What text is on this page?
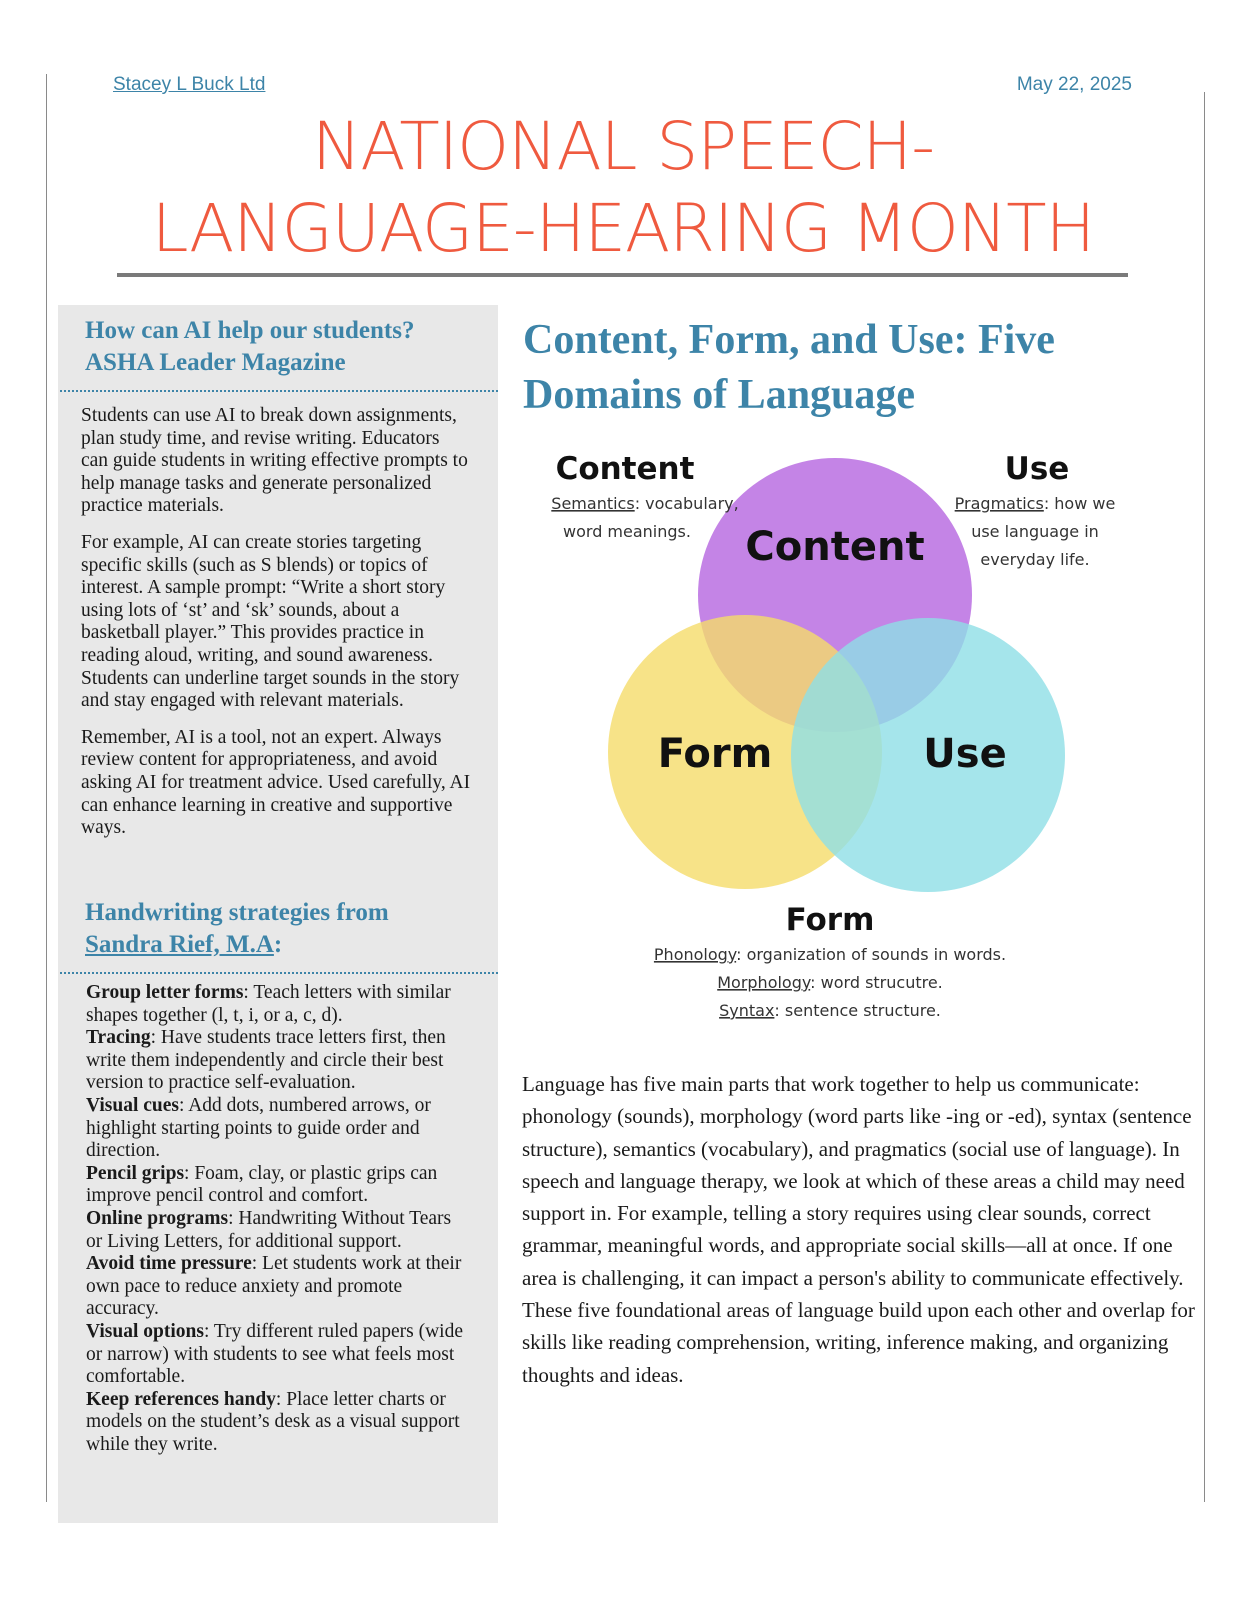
Stacey L Buck Ltd	May 22, 2025
NATIONAL SPEECH-
LANGUAGE-HEARING MONTH
How can AI help our students?
ASHA Leader Magazine

Students can use AI to break down assignments, plan study time, and revise writing. Educators can guide students in writing effective prompts to help manage tasks and generate personalized practice materials.

For example, AI can create stories targeting specific skills (such as S blends) or topics of interest. A sample prompt: “Write a short story using lots of ‘st’ and ‘sk’ sounds, about a basketball player.” This provides practice in reading aloud, writing, and sound awareness. Students can underline target sounds in the story and stay engaged with relevant materials.

Remember, AI is a tool, not an expert. Always review content for appropriateness, and avoid asking AI for treatment advice. Used carefully, AI can enhance learning in creative and supportive ways.

Handwriting strategies from
Sandra Rief, M.A:

Group letter forms: Teach letters with similar shapes together (l, t, i, or a, c, d).

Tracing: Have students trace letters first, then write them independently and circle their best version to practice self-evaluation.

Visual cues: Add dots, numbered arrows, or highlight starting points to guide order and direction.

Pencil grips: Foam, clay, or plastic grips can improve pencil control and comfort.

Online programs: Handwriting Without Tears or Living Letters, for additional support.

Avoid time pressure: Let students work at their own pace to reduce anxiety and promote accuracy.

Visual options: Try different ruled papers (wide or narrow) with students to see what feels most comfortable.

Keep references handy: Place letter charts or models on the student’s desk as a visual support while they write.

Content, Form, and Use: Five
Domains of Language
Content
Form	Use
Content
Semantics: vocabulary,
word meanings.
Use
Pragmatics: how we
use language in
everyday life.
Form
Phonology: organization of sounds in words.
Morphology: word strucutre.
Syntax: sentence structure.
Language has five main parts that work together to help us communicate: phonology (sounds), morphology (word parts like -ing or -ed), syntax (sentence structure), semantics (vocabulary), and pragmatics (social use of language). In speech and language therapy, we look at which of these areas a child may need support in. For example, telling a story requires using clear sounds, correct grammar, meaningful words, and appropriate social skills—all at once. If one area is challenging, it can impact a person's ability to communicate effectively. These five foundational areas of language build upon each other and overlap for skills like reading comprehension, writing, inference making, and organizing thoughts and ideas.
